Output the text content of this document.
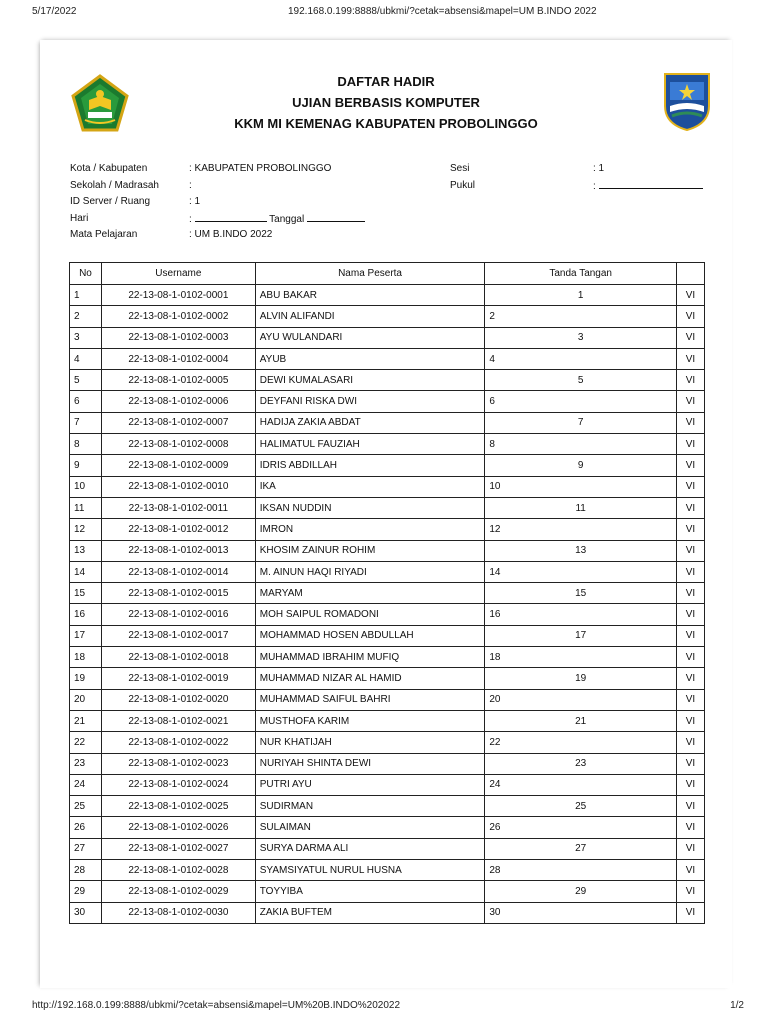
5/17/2022	192.168.0.199:8888/ubkmi/?cetak=absensi&mapel=UM B.INDO 2022
DAFTAR HADIR
UJIAN BERBASIS KOMPUTER
KKM MI KEMENAG KABUPATEN PROBOLINGGO
Kota / Kabupaten	: KABUPATEN PROBOLINGGO	Sesi	: 1
Sekolah / Madrasah	:	Pukul	:
ID Server / Ruang	: 1
Hari	:	Tanggal
Mata Pelajaran	: UM B.INDO 2022
No	Username	Nama Peserta	Tanda Tangan	
1	22-13-08-1-0102-0001	ABU BAKAR	1	VI
2	22-13-08-1-0102-0002	ALVIN ALIFANDI	2	VI
3	22-13-08-1-0102-0003	AYU WULANDARI	3	VI
4	22-13-08-1-0102-0004	AYUB	4	VI
5	22-13-08-1-0102-0005	DEWI KUMALASARI	5	VI
6	22-13-08-1-0102-0006	DEYFANI RISKA DWI	6	VI
7	22-13-08-1-0102-0007	HADIJA ZAKIA ABDAT	7	VI
8	22-13-08-1-0102-0008	HALIMATUL FAUZIAH	8	VI
9	22-13-08-1-0102-0009	IDRIS ABDILLAH	9	VI
10	22-13-08-1-0102-0010	IKA	10	VI
11	22-13-08-1-0102-0011	IKSAN NUDDIN	11	VI
12	22-13-08-1-0102-0012	IMRON	12	VI
13	22-13-08-1-0102-0013	KHOSIM ZAINUR ROHIM	13	VI
14	22-13-08-1-0102-0014	M. AINUN HAQI RIYADI	14	VI
15	22-13-08-1-0102-0015	MARYAM	15	VI
16	22-13-08-1-0102-0016	MOH SAIPUL ROMADONI	16	VI
17	22-13-08-1-0102-0017	MOHAMMAD HOSEN ABDULLAH	17	VI
18	22-13-08-1-0102-0018	MUHAMMAD IBRAHIM MUFIQ	18	VI
19	22-13-08-1-0102-0019	MUHAMMAD NIZAR AL HAMID	19	VI
20	22-13-08-1-0102-0020	MUHAMMAD SAIFUL BAHRI	20	VI
21	22-13-08-1-0102-0021	MUSTHOFA KARIM	21	VI
22	22-13-08-1-0102-0022	NUR KHATIJAH	22	VI
23	22-13-08-1-0102-0023	NURIYAH SHINTA DEWI	23	VI
24	22-13-08-1-0102-0024	PUTRI AYU	24	VI
25	22-13-08-1-0102-0025	SUDIRMAN	25	VI
26	22-13-08-1-0102-0026	SULAIMAN	26	VI
27	22-13-08-1-0102-0027	SURYA DARMA ALI	27	VI
28	22-13-08-1-0102-0028	SYAMSIYATUL NURUL HUSNA	28	VI
29	22-13-08-1-0102-0029	TOYYIBA	29	VI
30	22-13-08-1-0102-0030	ZAKIA BUFTEM	30	VI
http://192.168.0.199:8888/ubkmi/?cetak=absensi&mapel=UM%20B.INDO%202022	1/2
